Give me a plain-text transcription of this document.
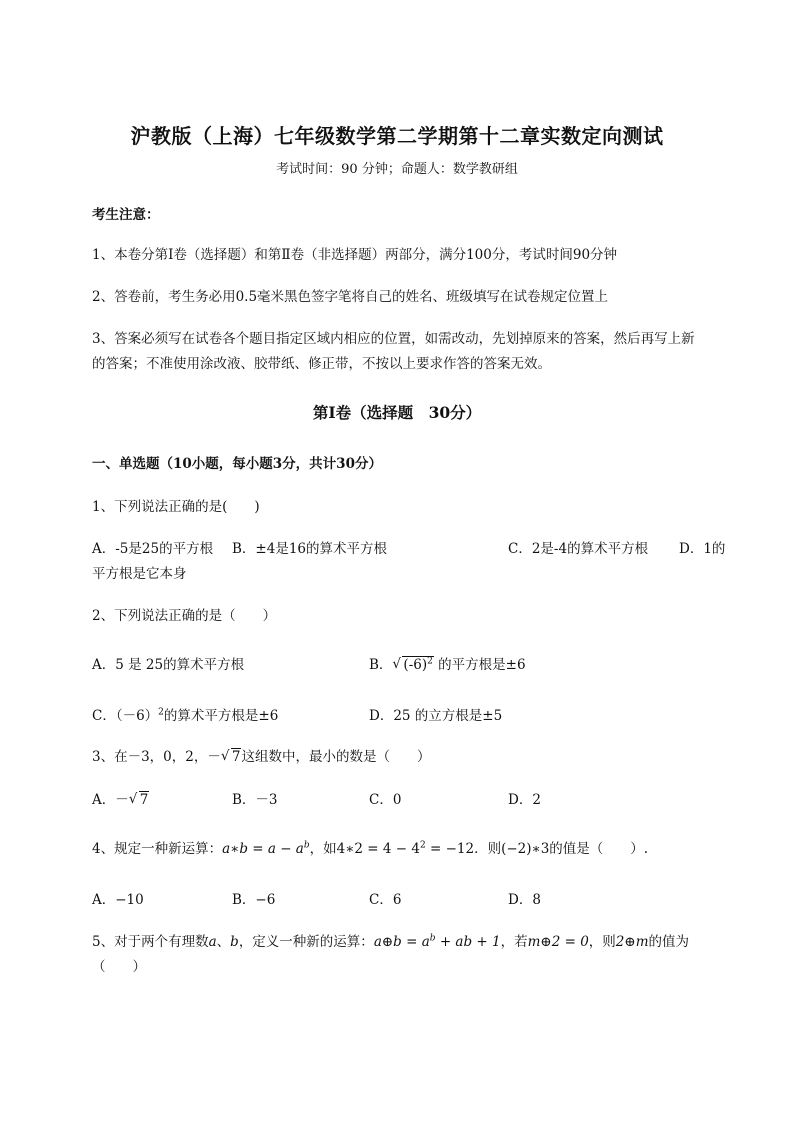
沪教版（上海）七年级数学第二学期第十二章实数定向测试
考试时间：90 分钟；命题人：数学教研组
考生注意：
1、本卷分第Ⅰ卷（选择题）和第Ⅱ卷（非选择题）两部分，满分100分，考试时间90分钟
2、答卷前，考生务必用0.5毫米黑色签字笔将自己的姓名、班级填写在试卷规定位置上
3、答案必须写在试卷各个题目指定区域内相应的位置，如需改动，先划掉原来的答案，然后再写上新
的答案；不准使用涂改液、胶带纸、修正带，不按以上要求作答的答案无效。
第Ⅰ卷（选择题　30分）
一、单选题（10小题，每小题3分，共计30分）
1、下列说法正确的是(　　)
A．-5是25的平方根 B．±4是16的算术平方根	C．2是-4的算术平方根 D．1的
平方根是它本身
2、下列说法正确的是（　　）
A．5 是 25的算术平方根	B． √ $(-6)^2$ 的平方根是±6
C．$(-6)^2$的算术平方根是±6	D．25 的立方根是±5
3、在－3，0，2，－ √ 7这组数中，最小的数是（　　）
A．－ √ 7	B．－3	C．0	D．2
4、规定一种新运算：a∗b = $a - a^b$，如4∗2 = $4 - 4^2 = -12$．则(−2)∗3的值是（　　）.
A．−10	B．−6	C．6	D．8
5、对于两个有理数a、b，定义一种新的运算：a⊕b = $a^b$ + ab + 1，若m⊕2 = 0，则2⊕m的值为
（　　）
